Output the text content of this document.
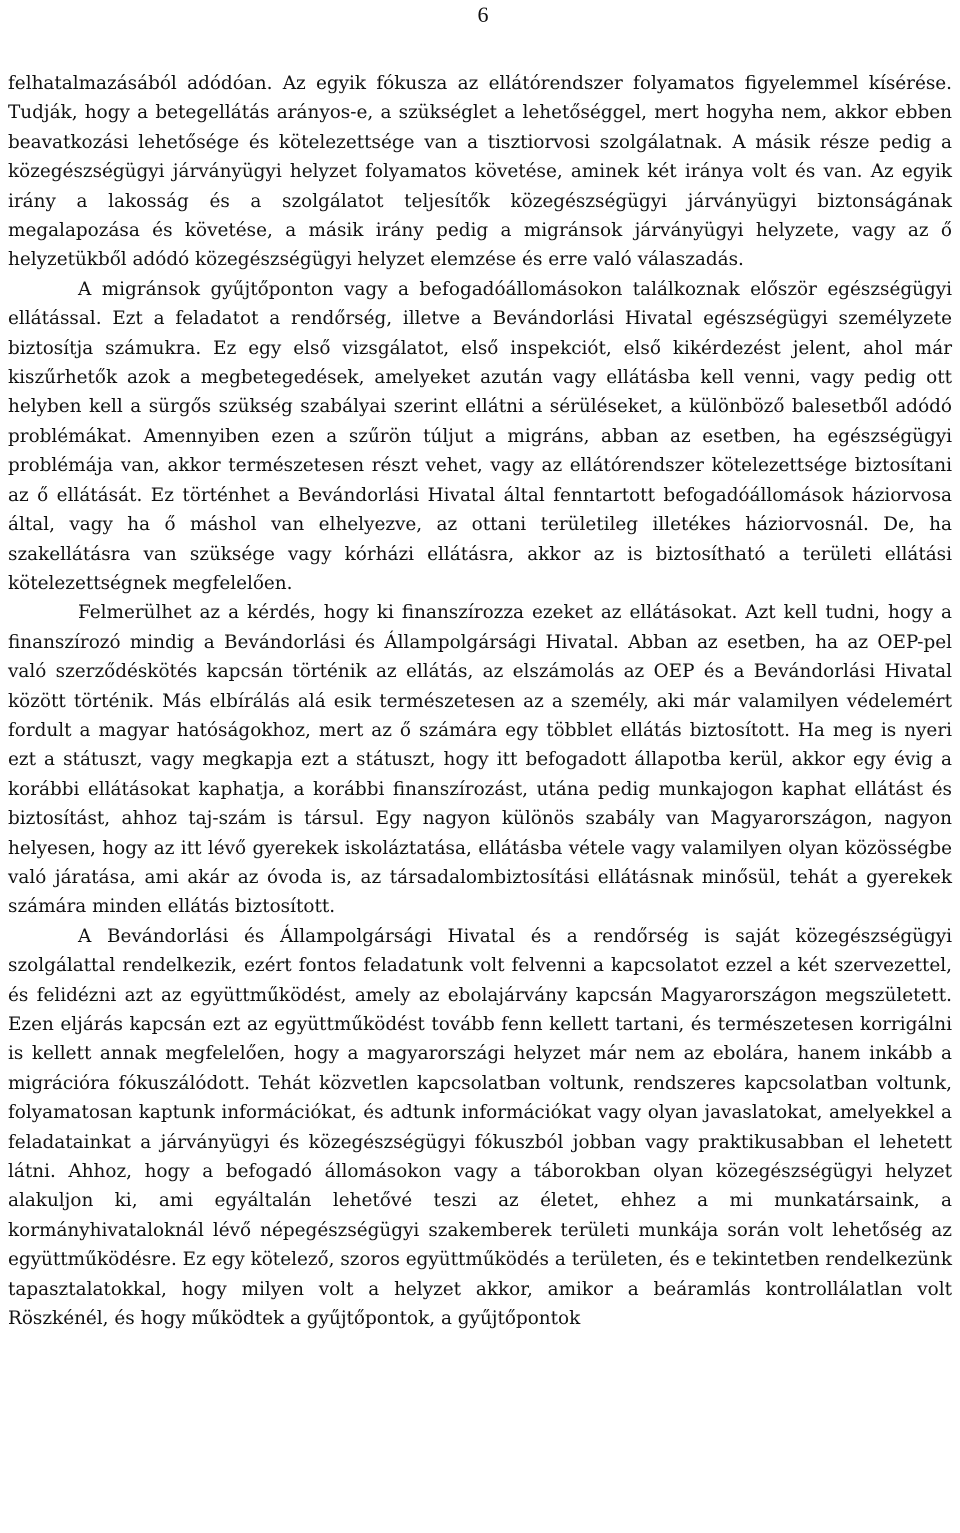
6

felhatalmazásából adódóan. Az egyik fókusza az ellátórendszer folyamatos figyelemmel kísérése. Tudják, hogy a betegellátás arányos-e, a szükséglet a lehetőséggel, mert hogyha nem, akkor ebben beavatkozási lehetősége és kötelezettsége van a tisztiorvosi szolgálatnak. A másik része pedig a közegészségügyi járványügyi helyzet folyamatos követése, aminek két iránya volt és van. Az egyik irány a lakosság és a szolgálatot teljesítők közegészségügyi járványügyi biztonságának megalapozása és követése, a másik irány pedig a migránsok járványügyi helyzete, vagy az ő helyzetükből adódó közegészségügyi helyzet elemzése és erre való válaszadás.

A migránsok gyűjtőponton vagy a befogadóállomásokon találkoznak először egészségügyi ellátással. Ezt a feladatot a rendőrség, illetve a Bevándorlási Hivatal egészségügyi személyzete biztosítja számukra. Ez egy első vizsgálatot, első inspekciót, első kikérdezést jelent, ahol már kiszűrhetők azok a megbetegedések, amelyeket azután vagy ellátásba kell venni, vagy pedig ott helyben kell a sürgős szükség szabályai szerint ellátni a sérüléseket, a különböző balesetből adódó problémákat. Amennyiben ezen a szűrön túljut a migráns, abban az esetben, ha egészségügyi problémája van, akkor természetesen részt vehet, vagy az ellátórendszer kötelezettsége biztosítani az ő ellátását. Ez történhet a Bevándorlási Hivatal által fenntartott befogadóállomások háziorvosa által, vagy ha ő máshol van elhelyezve, az ottani területileg illetékes háziorvosnál. De, ha szakellátásra van szüksége vagy kórházi ellátásra, akkor az is biztosítható a területi ellátási kötelezettségnek megfelelően.

Felmerülhet az a kérdés, hogy ki finanszírozza ezeket az ellátásokat. Azt kell tudni, hogy a finanszírozó mindig a Bevándorlási és Állampolgársági Hivatal. Abban az esetben, ha az OEP-pel való szerződéskötés kapcsán történik az ellátás, az elszámolás az OEP és a Bevándorlási Hivatal között történik. Más elbírálás alá esik természetesen az a személy, aki már valamilyen védelemért fordult a magyar hatóságokhoz, mert az ő számára egy többlet ellátás biztosított. Ha meg is nyeri ezt a státuszt, vagy megkapja ezt a státuszt, hogy itt befogadott állapotba kerül, akkor egy évig a korábbi ellátásokat kaphatja, a korábbi finanszírozást, utána pedig munkajogon kaphat ellátást és biztosítást, ahhoz taj-szám is társul. Egy nagyon különös szabály van Magyarországon, nagyon helyesen, hogy az itt lévő gyerekek iskoláztatása, ellátásba vétele vagy valamilyen olyan közösségbe való járatása, ami akár az óvoda is, az társadalombiztosítási ellátásnak minősül, tehát a gyerekek számára minden ellátás biztosított.

A Bevándorlási és Állampolgársági Hivatal és a rendőrség is saját közegészségügyi szolgálattal rendelkezik, ezért fontos feladatunk volt felvenni a kapcsolatot ezzel a két szervezettel, és felidézni azt az együttműködést, amely az ebolajárvány kapcsán Magyarországon megszületett. Ezen eljárás kapcsán ezt az együttműködést tovább fenn kellett tartani, és természetesen korrigálni is kellett annak megfelelően, hogy a magyarországi helyzet már nem az ebolára, hanem inkább a migrációra fókuszálódott. Tehát közvetlen kapcsolatban voltunk, rendszeres kapcsolatban voltunk, folyamatosan kaptunk információkat, és adtunk információkat vagy olyan javaslatokat, amelyekkel a feladatainkat a járványügyi és közegészségügyi fókuszból jobban vagy praktikusabban el lehetett látni. Ahhoz, hogy a befogadó állomásokon vagy a táborokban olyan közegészségügyi helyzet alakuljon ki, ami egyáltalán lehetővé teszi az életet, ehhez a mi munkatársaink, a kormányhivataloknál lévő népegészségügyi szakemberek területi munkája során volt lehetőség az együttműködésre. Ez egy kötelező, szoros együttműködés a területen, és e tekintetben rendelkezünk tapasztalatokkal, hogy milyen volt a helyzet akkor, amikor a beáramlás kontrollálatlan volt Röszkénél, és hogy működtek a gyűjtőpontok, a gyűjtőpontok
